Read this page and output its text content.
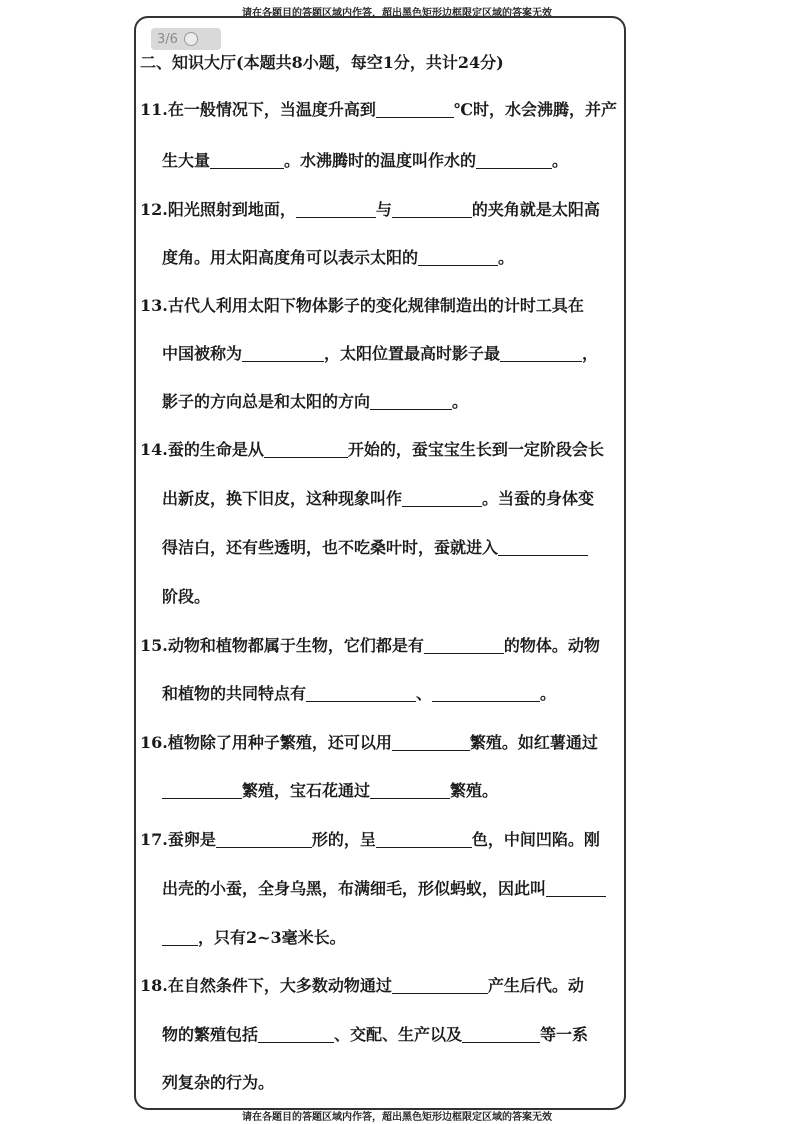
请在各题目的答题区域内作答，超出黑色矩形边框限定区域的答案无效
3/6
二、知识大厅(本题共8小题，每空1分，共计24分)
11.在一般情况下，当温度升高到	℃时，水会沸腾，并产
生大量	。水沸腾时的温度叫作水的	。
12.阳光照射到地面，	与	的夹角就是太阳高
度角。用太阳高度角可以表示太阳的	。
13.古代人利用太阳下物体影子的变化规律制造出的计时工具在
中国被称为	，太阳位置最高时影子最	，
影子的方向总是和太阳的方向	。
14.蚕的生命是从	开始的，蚕宝宝生长到一定阶段会长
出新皮，换下旧皮，这种现象叫作	。当蚕的身体变
得洁白，还有些透明，也不吃桑叶时，蚕就进入
阶段。
15.动物和植物都属于生物，它们都是有	的物体。动物
和植物的共同特点有	、	。
16.植物除了用种子繁殖，还可以用	繁殖。如红薯通过
繁殖，宝石花通过	繁殖。
17.蚕卵是	形的，呈	色，中间凹陷。刚
出壳的小蚕，全身乌黑，布满细毛，形似蚂蚁，因此叫
，只有2~3毫米长。
18.在自然条件下，大多数动物通过	产生后代。动
物的繁殖包括	、交配、生产以及	等一系
列复杂的行为。
请在各题目的答题区域内作答，超出黑色矩形边框限定区域的答案无效
